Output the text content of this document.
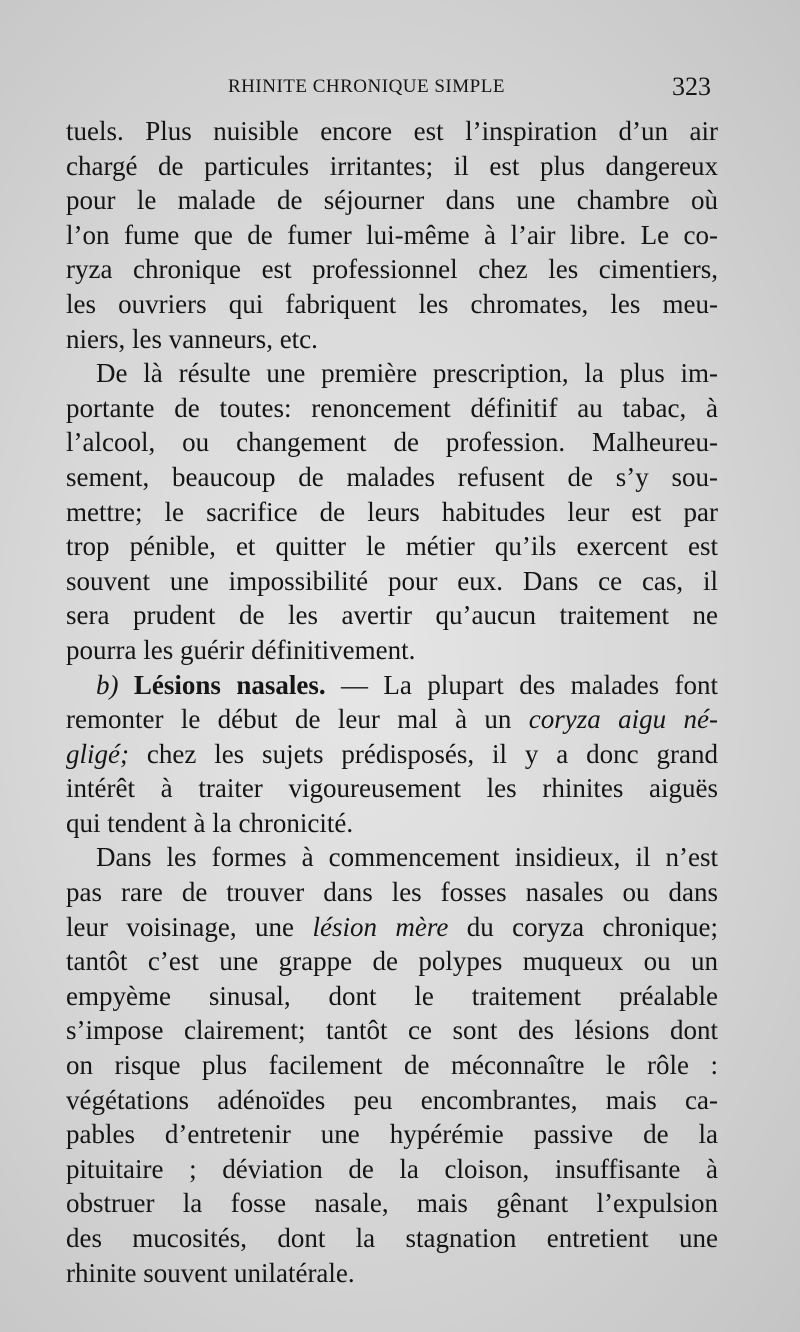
RHINITE CHRONIQUE SIMPLE	323
tuels. Plus nuisible encore est l’inspiration d’un air
chargé de particules irritantes; il est plus dangereux
pour le malade de séjourner dans une chambre où
l’on fume que de fumer lui-même à l’air libre. Le co-
ryza chronique est professionnel chez les cimentiers,
les ouvriers qui fabriquent les chromates, les meu-
niers, les vanneurs, etc.
De là résulte une première prescription, la plus im-
portante de toutes: renoncement définitif au tabac, à
l’alcool, ou changement de profession. Malheureu-
sement, beaucoup de malades refusent de s’y sou-
mettre; le sacrifice de leurs habitudes leur est par
trop pénible, et quitter le métier qu’ils exercent est
souvent une impossibilité pour eux. Dans ce cas, il
sera prudent de les avertir qu’aucun traitement ne
pourra les guérir définitivement.
b) Lésions nasales. — La plupart des malades font
remonter le début de leur mal à un coryza aigu né-
gligé; chez les sujets prédisposés, il y a donc grand
intérêt à traiter vigoureusement les rhinites aiguës
qui tendent à la chronicité.
Dans les formes à commencement insidieux, il n’est
pas rare de trouver dans les fosses nasales ou dans
leur voisinage, une lésion mère du coryza chronique;
tantôt c’est une grappe de polypes muqueux ou un
empyème sinusal, dont le traitement préalable
s’impose clairement; tantôt ce sont des lésions dont
on risque plus facilement de méconnaître le rôle :
végétations adénoïdes peu encombrantes, mais ca-
pables d’entretenir une hypérémie passive de la
pituitaire ; déviation de la cloison, insuffisante à
obstruer la fosse nasale, mais gênant l’expulsion
des mucosités, dont la stagnation entretient une
rhinite souvent unilatérale.
